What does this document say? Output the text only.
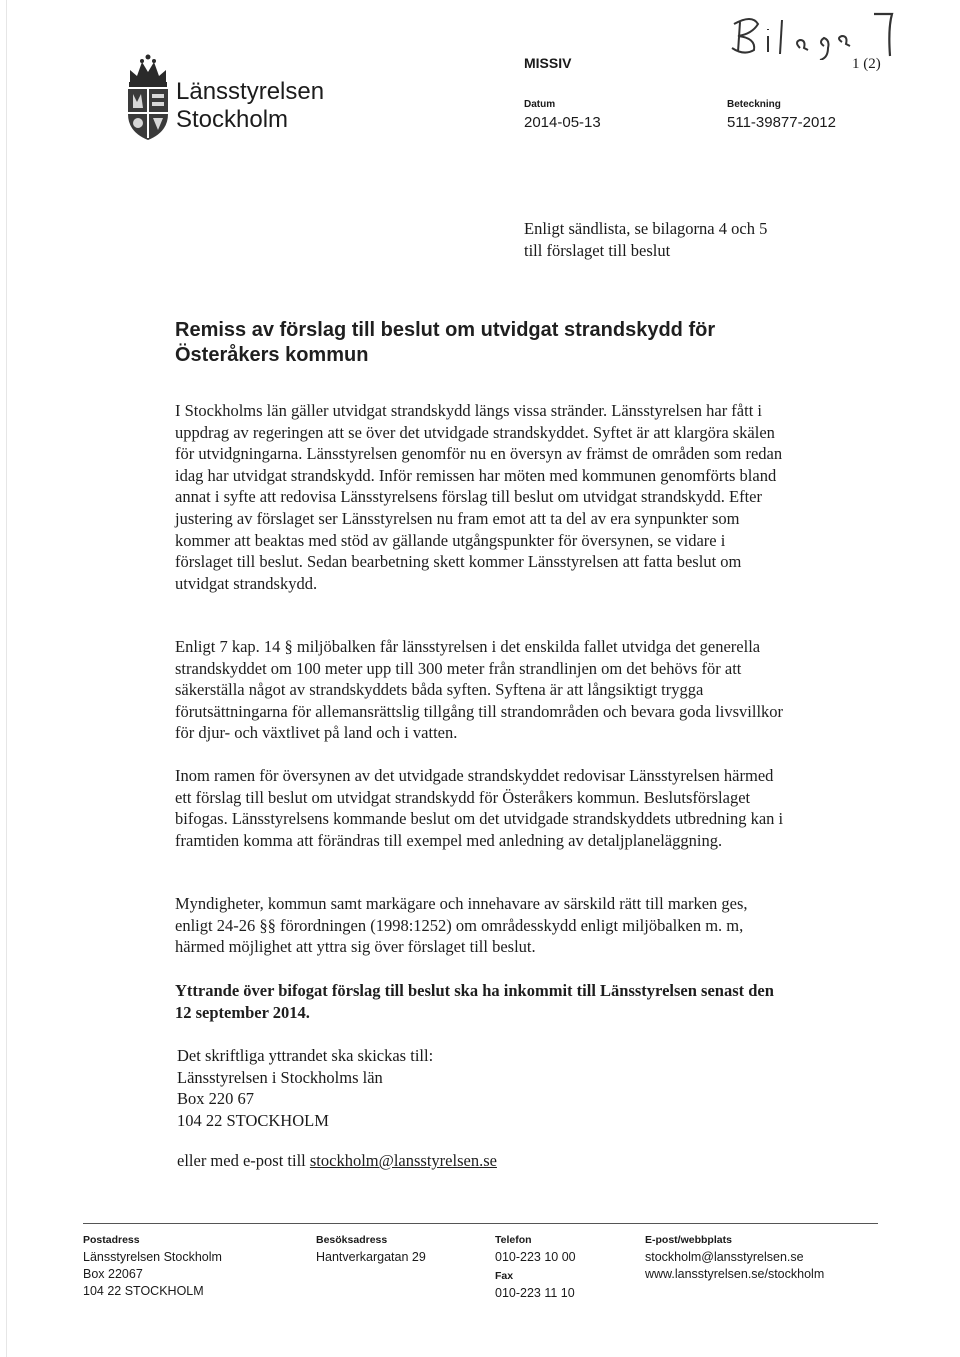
Länsstyrelsen
Stockholm
MISSIV	1 (2)
Datum
2014-05-13
Beteckning
511-39877-2012
Enligt sändlista, se bilagorna 4 och 5
till förslaget till beslut
Remiss av förslag till beslut om utvidgat strandskydd för Österåkers kommun
I Stockholms län gäller utvidgat strandskydd längs vissa stränder. Länsstyrelsen har fått i uppdrag av regeringen att se över det utvidgade strandskyddet. Syftet är att klargöra skälen för utvidgningarna. Länsstyrelsen genomför nu en översyn av främst de områden som redan idag har utvidgat strandskydd. Inför remissen har möten med kommunen genomförts bland annat i syfte att redovisa Länsstyrelsens förslag till beslut om utvidgat strandskydd. Efter justering av förslaget ser Länsstyrelsen nu fram emot att ta del av era synpunkter som kommer att beaktas med stöd av gällande utgångspunkter för översynen, se vidare i förslaget till beslut. Sedan bearbetning skett kommer Länsstyrelsen att fatta beslut om utvidgat strandskydd.
Enligt 7 kap. 14 § miljöbalken får länsstyrelsen i det enskilda fallet utvidga det generella strandskyddet om 100 meter upp till 300 meter från strandlinjen om det behövs för att säkerställa något av strandskyddets båda syften. Syftena är att långsiktigt trygga förutsättningarna för allemansrättslig tillgång till strandområden och bevara goda livsvillkor för djur- och växtlivet på land och i vatten.
Inom ramen för översynen av det utvidgade strandskyddet redovisar Länsstyrelsen härmed ett förslag till beslut om utvidgat strandskydd för Österåkers kommun. Beslutsförslaget bifogas. Länsstyrelsens kommande beslut om det utvidgade strandskyddets utbredning kan i framtiden komma att förändras till exempel med anledning av detaljplaneläggning.
Myndigheter, kommun samt markägare och innehavare av särskild rätt till marken ges, enligt 24-26 §§ förordningen (1998:1252) om områdesskydd enligt miljöbalken m. m, härmed möjlighet att yttra sig över förslaget till beslut.
Yttrande över bifogat förslag till beslut ska ha inkommit till Länsstyrelsen senast den 12 september 2014.
Det skriftliga yttrandet ska skickas till:
Länsstyrelsen i Stockholms län
Box 220 67
104 22 STOCKHOLM
eller med e-post till stockholm@lansstyrelsen.se
Postadress
Länsstyrelsen Stockholm
Box 22067
104 22 STOCKHOLM
Besöksadress
Hantverkargatan 29
Telefon
010-223 10 00
Fax
010-223 11 10
E-post/webbplats
stockholm@lansstyrelsen.se
www.lansstyrelsen.se/stockholm
